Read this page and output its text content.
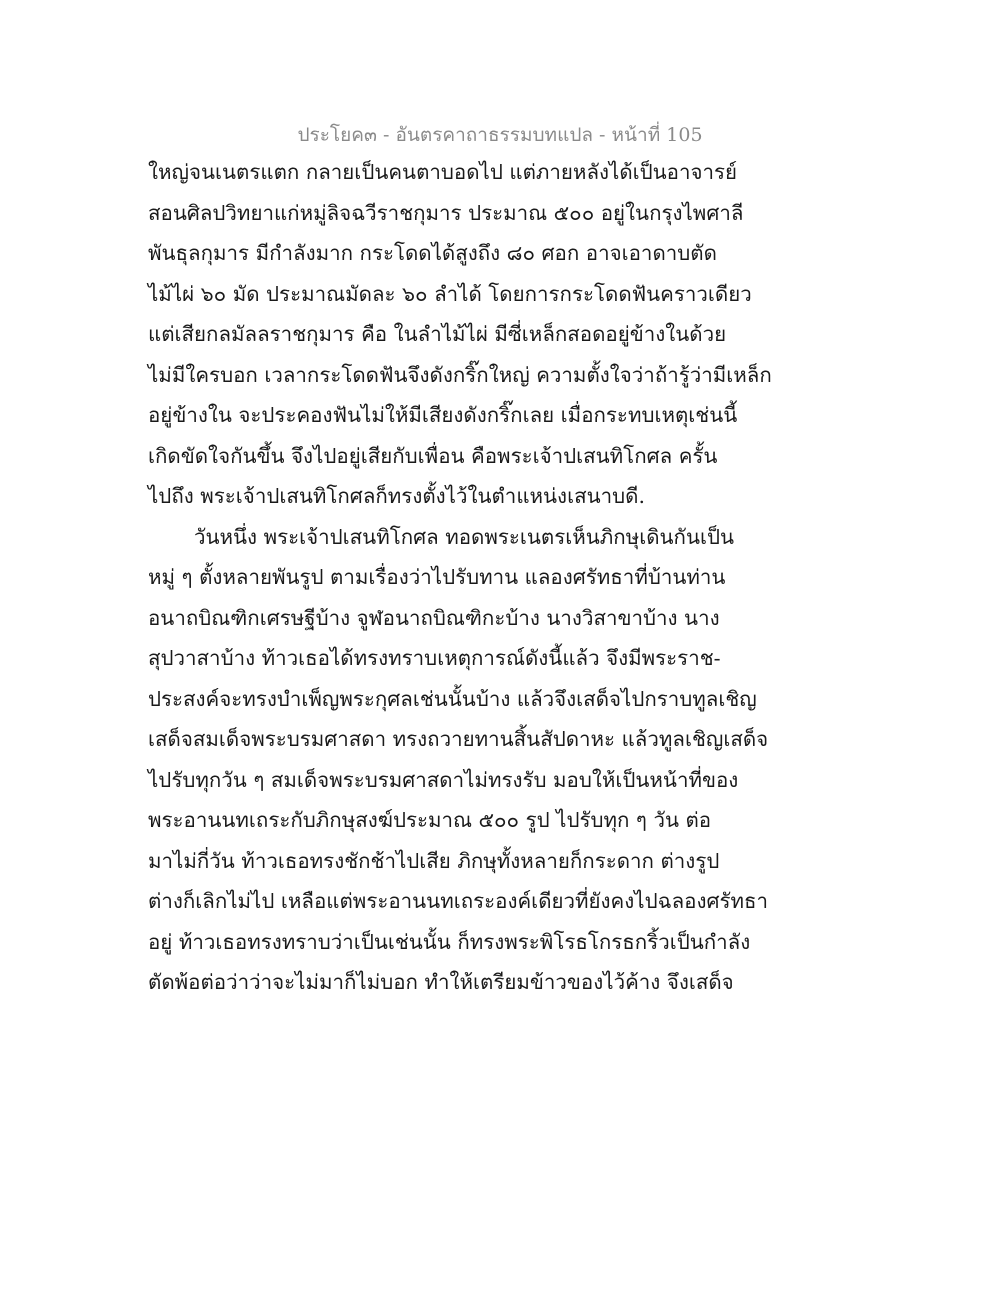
ประโยค๓ - อันตรคาถาธรรมบทแปล - หน้าที่ 105
ใหญ่จนเนตรแตก กลายเป็นคนตาบอดไป แต่ภายหลังได้เป็นอาจารย์
สอนศิลปวิทยาแก่หมู่ลิจฉวีราชกุมาร ประมาณ ๕๐๐ อยู่ในกรุงไพศาลี
พันธุลกุมาร มีกำลังมาก กระโดดได้สูงถึง ๘๐ ศอก อาจเอาดาบตัด
ไม้ไผ่ ๖๐ มัด ประมาณมัดละ ๖๐ ลำได้ โดยการกระโดดฟันคราวเดียว
แต่เสียกลมัลลราชกุมาร คือ ในลำไม้ไผ่ มีซี่เหล็กสอดอยู่ข้างในด้วย
ไม่มีใครบอก เวลากระโดดฟันจึงดังกริ๊กใหญ่ ความตั้งใจว่าถ้ารู้ว่ามีเหล็ก
อยู่ข้างใน จะประคองฟันไม่ให้มีเสียงดังกริ๊กเลย เมื่อกระทบเหตุเช่นนี้
เกิดขัดใจกันขึ้น จึงไปอยู่เสียกับเพื่อน คือพระเจ้าปเสนทิโกศล ครั้น
ไปถึง พระเจ้าปเสนทิโกศลก็ทรงตั้งไว้ในตำแหน่งเสนาบดี.
วันหนึ่ง พระเจ้าปเสนทิโกศล ทอดพระเนตรเห็นภิกษุเดินกันเป็น
หมู่ ๆ ตั้งหลายพันรูป ตามเรื่องว่าไปรับทาน แลองศรัทธาที่บ้านท่าน
อนาถบิณฑิกเศรษฐีบ้าง จูฬอนาถบิณฑิกะบ้าง นางวิสาขาบ้าง นาง
สุปวาสาบ้าง ท้าวเธอได้ทรงทราบเหตุการณ์ดังนี้แล้ว จึงมีพระราช-
ประสงค์จะทรงบำเพ็ญพระกุศลเช่นนั้นบ้าง แล้วจึงเสด็จไปกราบทูลเชิญ
เสด็จสมเด็จพระบรมศาสดา ทรงถวายทานสิ้นสัปดาหะ แล้วทูลเชิญเสด็จ
ไปรับทุกวัน ๆ สมเด็จพระบรมศาสดาไม่ทรงรับ มอบให้เป็นหน้าที่ของ
พระอานนทเถระกับภิกษุสงฆ์ประมาณ ๕๐๐ รูป ไปรับทุก ๆ วัน ต่อ
มาไม่กี่วัน ท้าวเธอทรงชักช้าไปเสีย ภิกษุทั้งหลายก็กระดาก ต่างรูป
ต่างก็เลิกไม่ไป เหลือแต่พระอานนทเถระองค์เดียวที่ยังคงไปฉลองศรัทธา
อยู่ ท้าวเธอทรงทราบว่าเป็นเช่นนั้น ก็ทรงพระพิโรธโกรธกริ้วเป็นกำลัง
ตัดพ้อต่อว่าว่าจะไม่มาก็ไม่บอก ทำให้เตรียมข้าวของไว้ค้าง จึงเสด็จ
